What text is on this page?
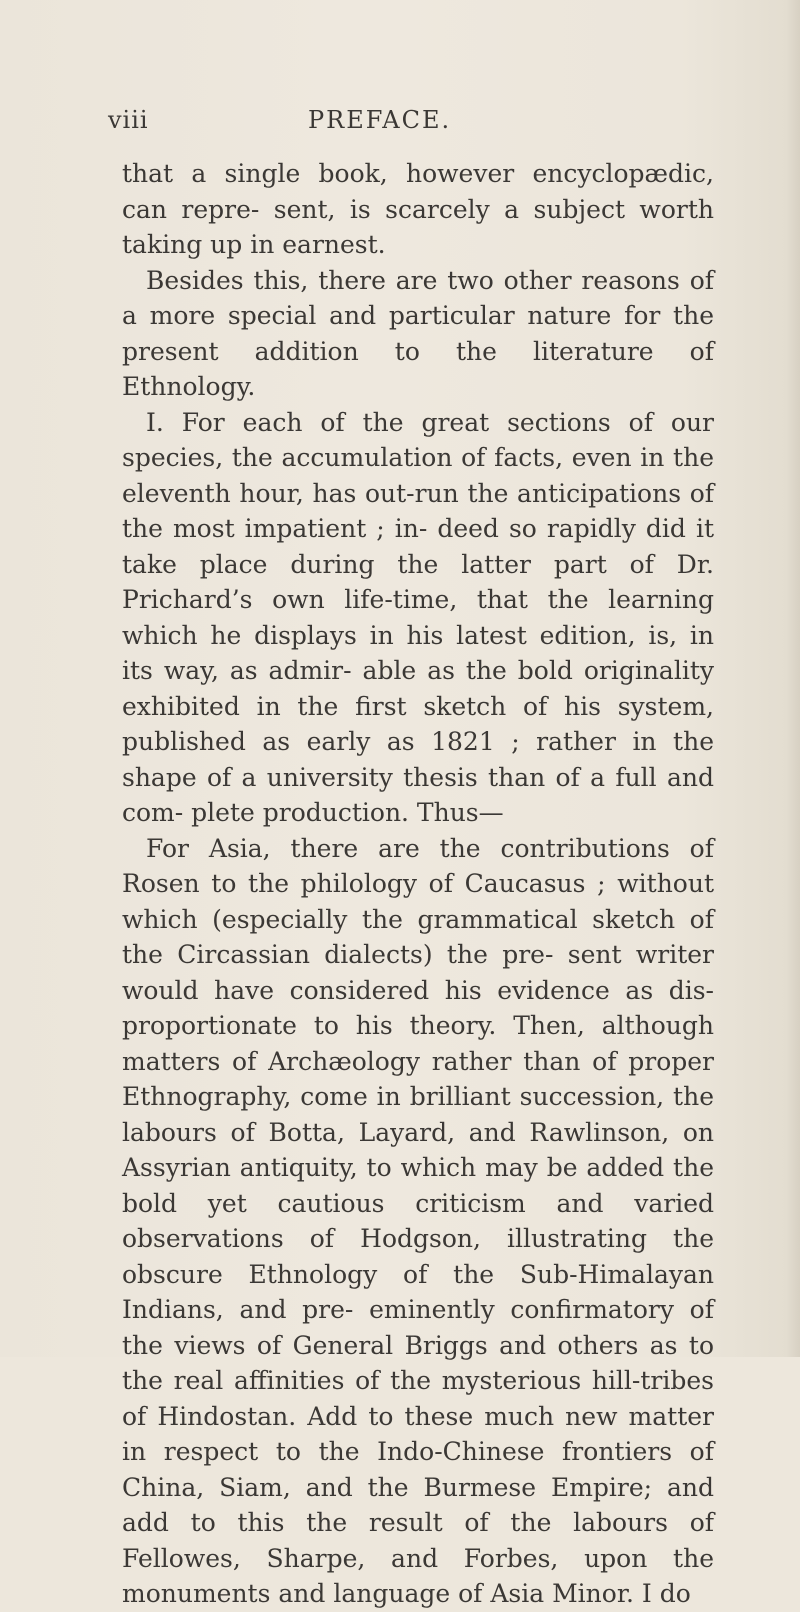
viii	PREFACE.

that a single book, however encyclopædic, can repre- sent, is scarcely a subject worth taking up in earnest.

Besides this, there are two other reasons of a more special and particular nature for the present addition to the literature of Ethnology.

I. For each of the great sections of our species, the accumulation of facts, even in the eleventh hour, has out-run the anticipations of the most impatient ; in- deed so rapidly did it take place during the latter part of Dr. Prichard’s own life-time, that the learning which he displays in his latest edition, is, in its way, as admir- able as the bold originality exhibited in the first sketch of his system, published as early as 1821 ; rather in the shape of a university thesis than of a full and com- plete production. Thus—

For Asia, there are the contributions of Rosen to the philology of Caucasus ; without which (especially the grammatical sketch of the Circassian dialects) the pre- sent writer would have considered his evidence as dis- proportionate to his theory. Then, although matters of Archæology rather than of proper Ethnography, come in brilliant succession, the labours of Botta, Layard, and Rawlinson, on Assyrian antiquity, to which may be added the bold yet cautious criticism and varied observations of Hodgson, illustrating the obscure Ethnology of the Sub-Himalayan Indians, and pre- eminently confirmatory of the views of General Briggs and others as to the real affinities of the mysterious hill-tribes of Hindostan. Add to these much new matter in respect to the Indo-Chinese frontiers of China, Siam, and the Burmese Empire; and add to this the result of the labours of Fellowes, Sharpe, and Forbes, upon the monuments and language of Asia Minor. I do
